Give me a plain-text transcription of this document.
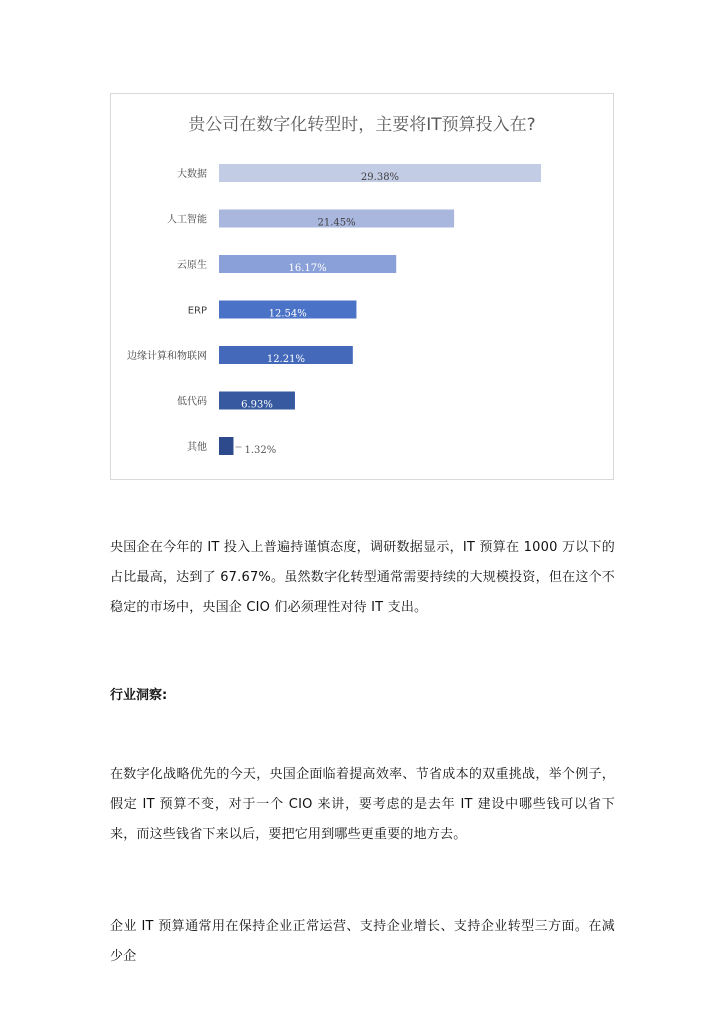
贵公司在数字化转型时，主要将IT预算投入在?
大数据	29.38%
人工智能	21.45%
云原生	16.17%
ERP	12.54%
边缘计算和物联网	12.21%
低代码	6.93%
其他	1.32%

央国企在今年的 IT 投入上普遍持谨慎态度，调研数据显示，IT 预算在 1000 万以下的占比最高，达到了 67.67%。虽然数字化转型通常需要持续的大规模投资，但在这个不稳定的市场中，央国企 CIO 们必须理性对待 IT 支出。

行业洞察:

在数字化战略优先的今天，央国企面临着提高效率、节省成本的双重挑战，举个例子，假定 IT 预算不变，对于一个 CIO 来讲，要考虑的是去年 IT 建设中哪些钱可以省下来，而这些钱省下来以后，要把它用到哪些更重要的地方去。

企业 IT 预算通常用在保持企业正常运营、支持企业增长、支持企业转型三方面。在减少企
